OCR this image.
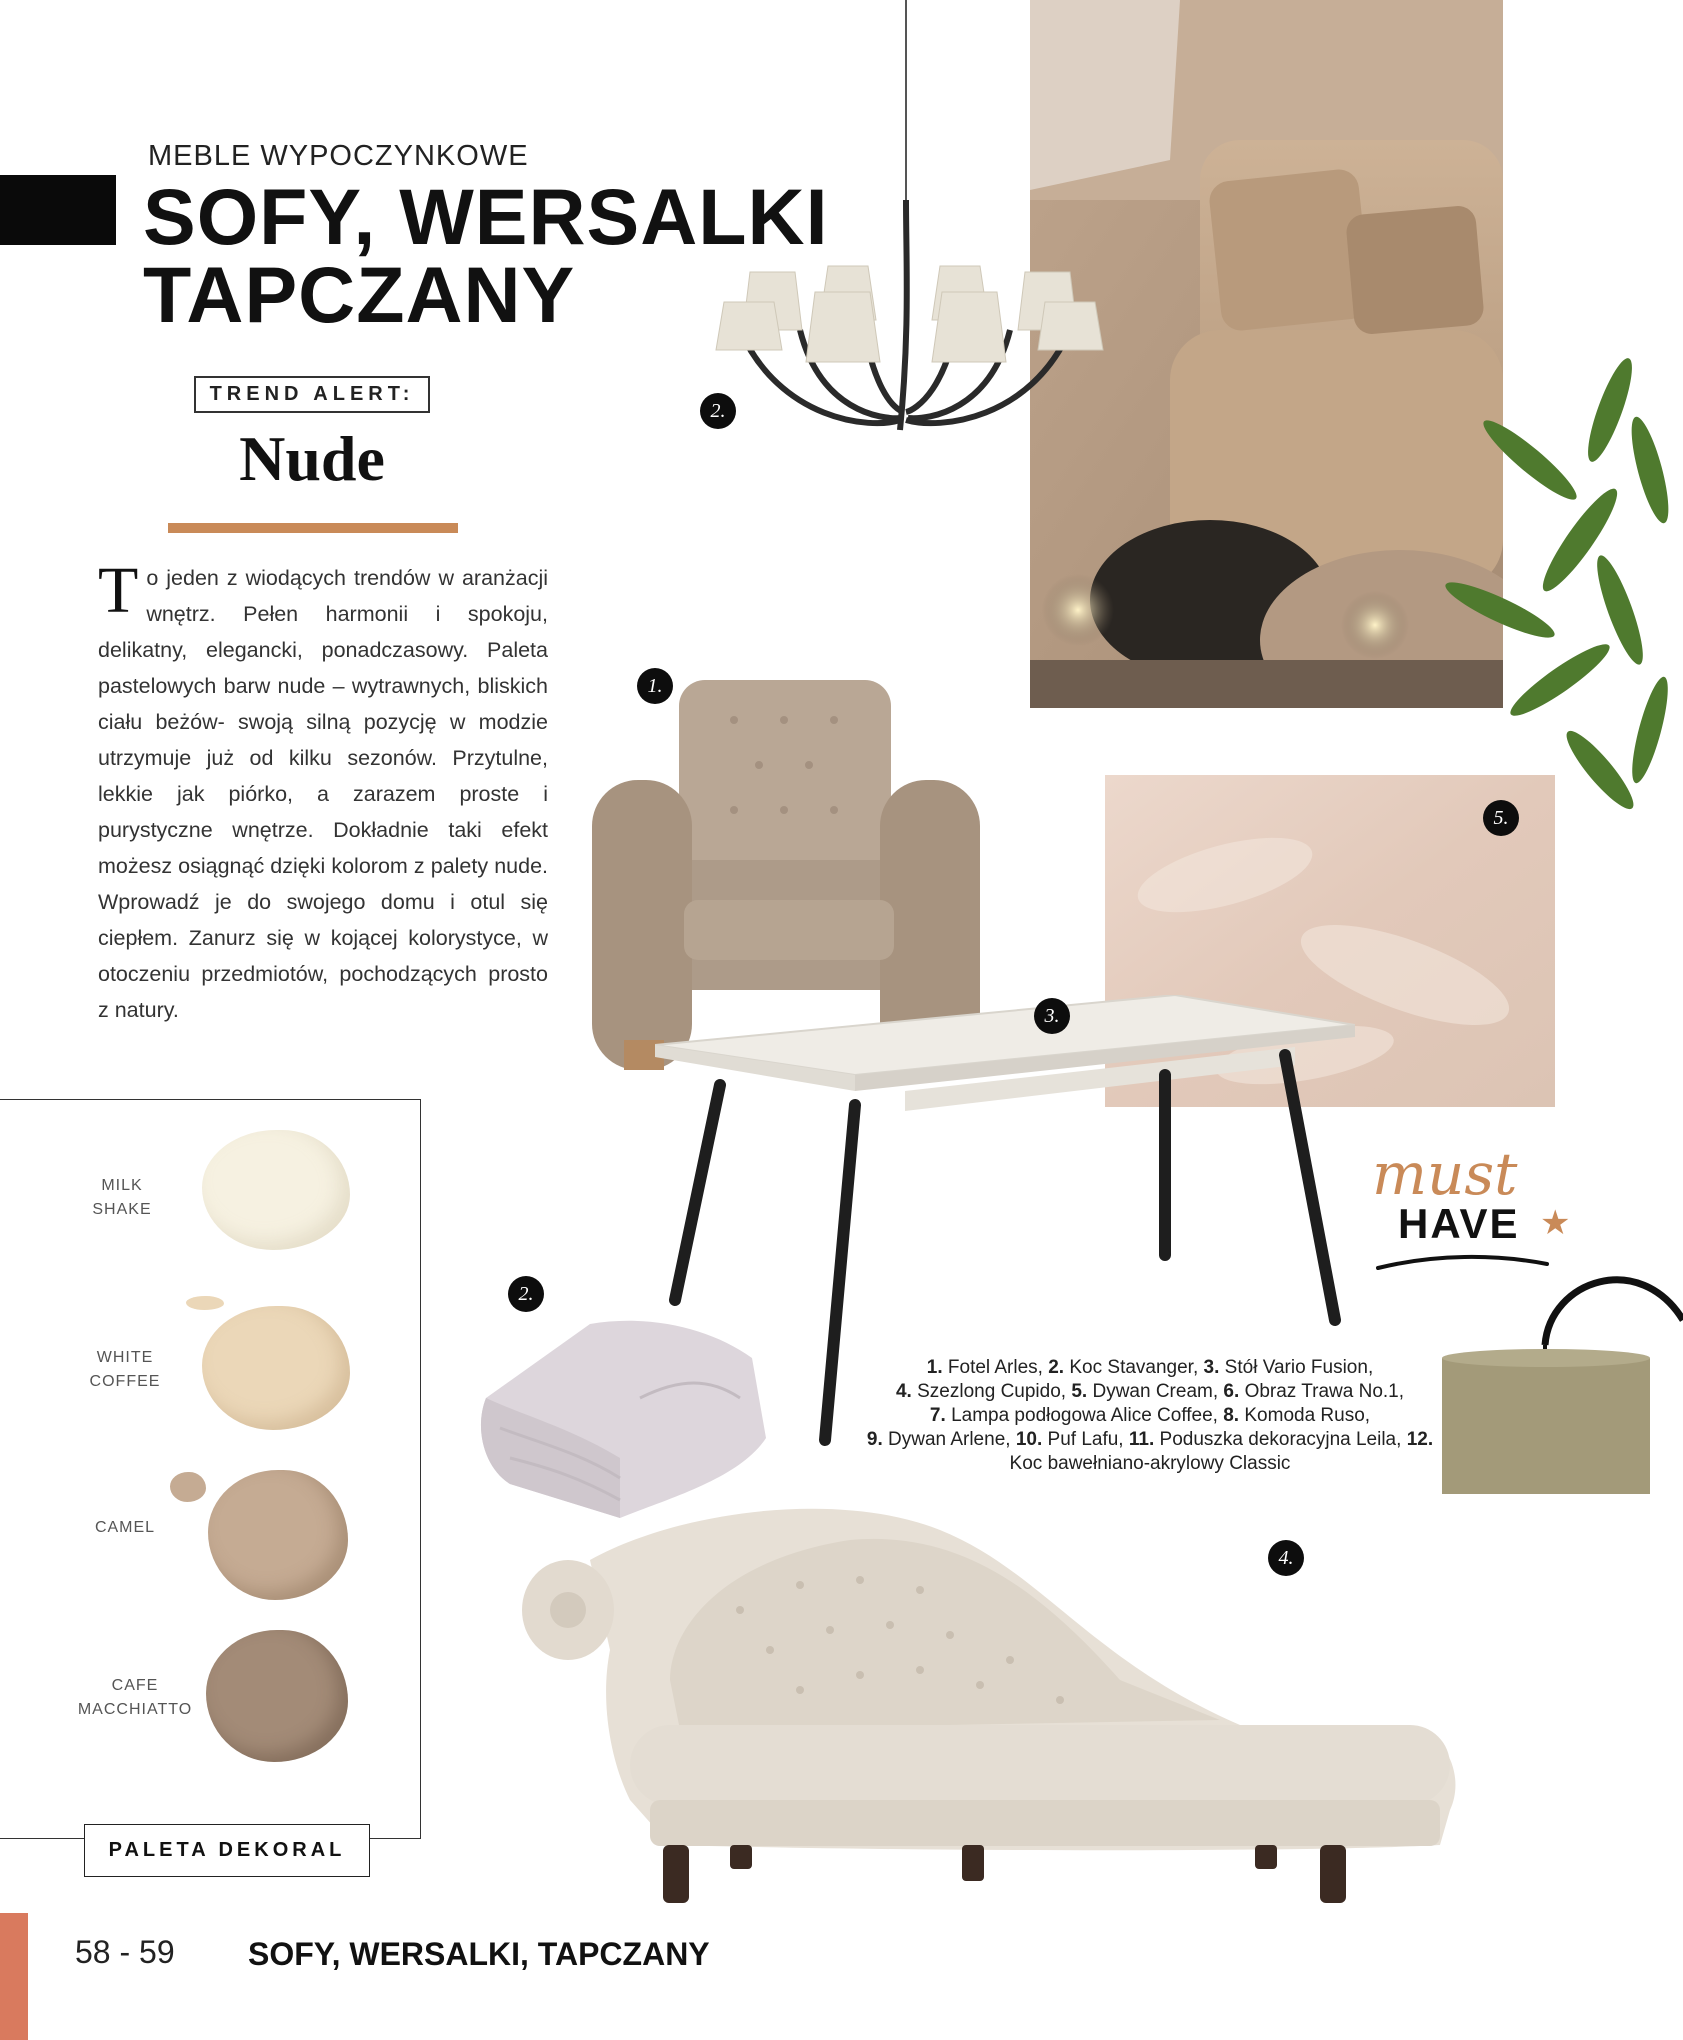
MEBLE WYPOCZYNKOWE
SOFY, WERSALKI
TAPCZANY
TREND ALERT:
Nude
T o jeden z wiodących trendów w aranżacji wnętrz. Pełen harmonii i spokoju, delikatny, elegancki, ponadczasowy. Paleta pastelowych barw nude – wytrawnych, bliskich ciału beżów- swoją silną pozycję w modzie utrzymuje już od kilku sezonów. Przytulne, lekkie jak piórko, a zarazem proste i purystyczne wnętrze. Dokładnie taki efekt możesz osiągnąć dzięki kolorom z palety nude. Wprowadź je do swojego domu i otul się ciepłem. Zanurz się w kojącej kolorystyce, w otoczeniu przedmiotów, pochodzących prosto z natury.
2.
1.
5.
3.
must
HAVE ★
1. Fotel Arles, 2. Koc Stavanger, 3. Stół Vario Fusion,
4. Szezlong Cupido, 5. Dywan Cream, 6. Obraz Trawa No.1,
7. Lampa podłogowa Alice Coffee, 8. Komoda Ruso,
9. Dywan Arlene, 10. Puf Lafu, 11. Poduszka dekoracyjna Leila, 12. Koc bawełniano-akrylowy Classic
2.
4.
MILK
SHAKE
WHITE
COFFEE
CAMEL
CAFE
MACCHIATTO
PALETA DEKORAL
58 - 59 SOFY, WERSALKI, TAPCZANY
